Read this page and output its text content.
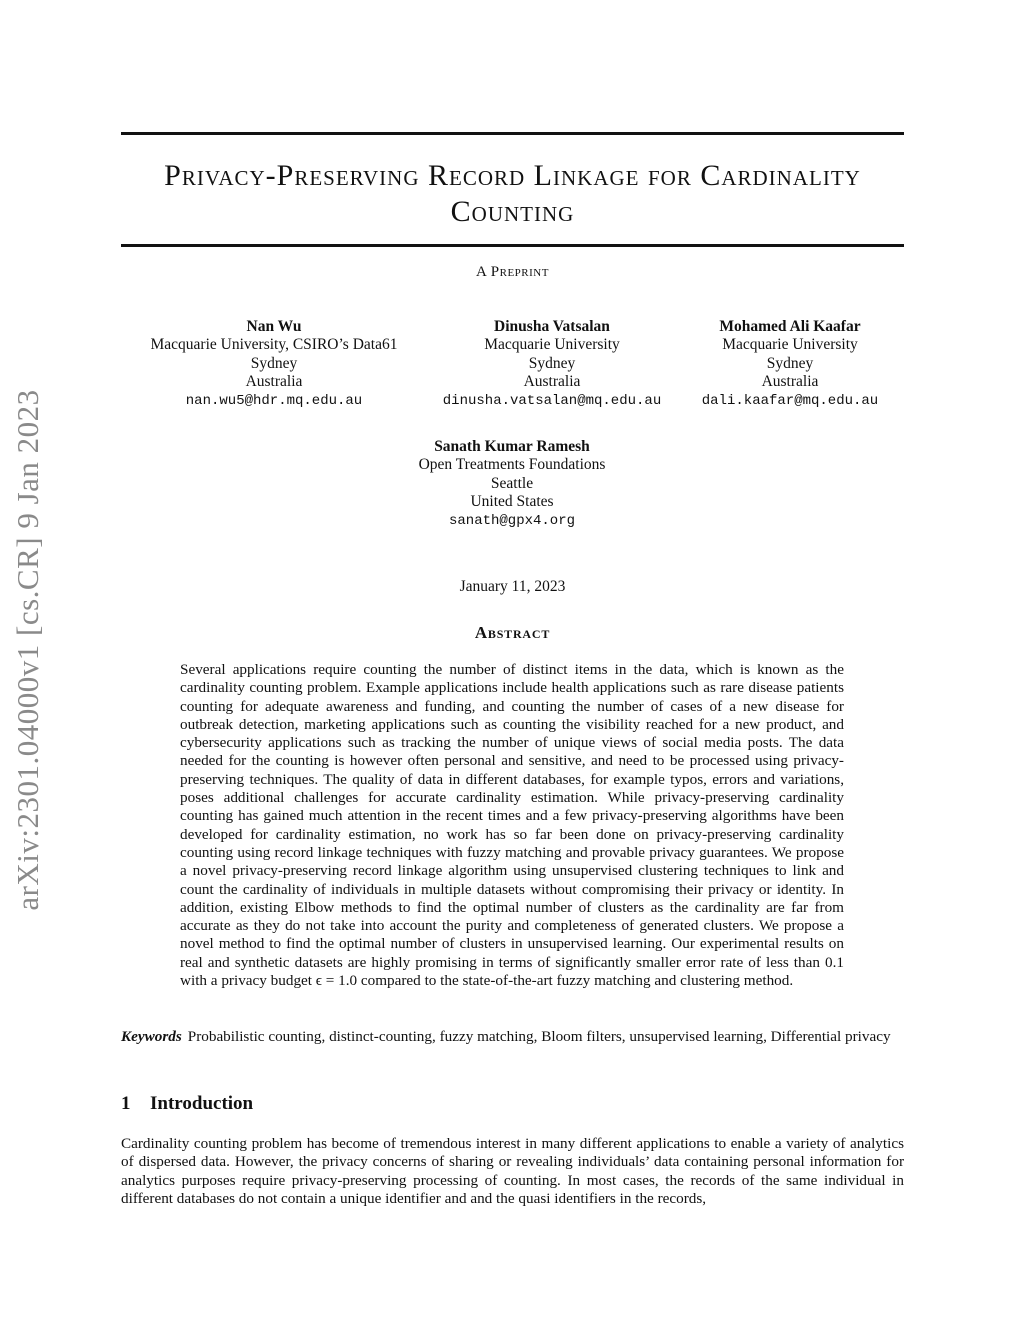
arXiv:2301.04000v1 [cs.CR] 9 Jan 2023
Privacy-Preserving Record Linkage for Cardinality Counting
A Preprint
Nan Wu
Macquarie University, CSIRO’s Data61
Sydney
Australia
nan.wu5@hdr.mq.edu.au
Dinusha Vatsalan
Macquarie University
Sydney
Australia
dinusha.vatsalan@mq.edu.au
Mohamed Ali Kaafar
Macquarie University
Sydney
Australia
dali.kaafar@mq.edu.au
Sanath Kumar Ramesh
Open Treatments Foundations
Seattle
United States
sanath@gpx4.org
January 11, 2023
Abstract

Several applications require counting the number of distinct items in the data, which is known as the cardinality counting problem. Example applications include health applications such as rare disease patients counting for adequate awareness and funding, and counting the number of cases of a new disease for outbreak detection, marketing applications such as counting the visibility reached for a new product, and cybersecurity applications such as tracking the number of unique views of social media posts. The data needed for the counting is however often personal and sensitive, and need to be processed using privacy-preserving techniques. The quality of data in different databases, for example typos, errors and variations, poses additional challenges for accurate cardinality estimation. While privacy-preserving cardinality counting has gained much attention in the recent times and a few privacy-preserving algorithms have been developed for cardinality estimation, no work has so far been done on privacy-preserving cardinality counting using record linkage techniques with fuzzy matching and provable privacy guarantees. We propose a novel privacy-preserving record linkage algorithm using unsupervised clustering techniques to link and count the cardinality of individuals in multiple datasets without compromising their privacy or identity. In addition, existing Elbow methods to find the optimal number of clusters as the cardinality are far from accurate as they do not take into account the purity and completeness of generated clusters. We propose a novel method to find the optimal number of clusters in unsupervised learning. Our experimental results on real and synthetic datasets are highly promising in terms of significantly smaller error rate of less than 0.1 with a privacy budget ϵ = 1.0 compared to the state-of-the-art fuzzy matching and clustering method.

Keywords Probabilistic counting, distinct-counting, fuzzy matching, Bloom filters, unsupervised learning, Differential privacy

1 Introduction

Cardinality counting problem has become of tremendous interest in many different applications to enable a variety of analytics of dispersed data. However, the privacy concerns of sharing or revealing individuals’ data containing personal information for analytics purposes require privacy-preserving processing of counting. In most cases, the records of the same individual in different databases do not contain a unique identifier and and the quasi identifiers in the records,
